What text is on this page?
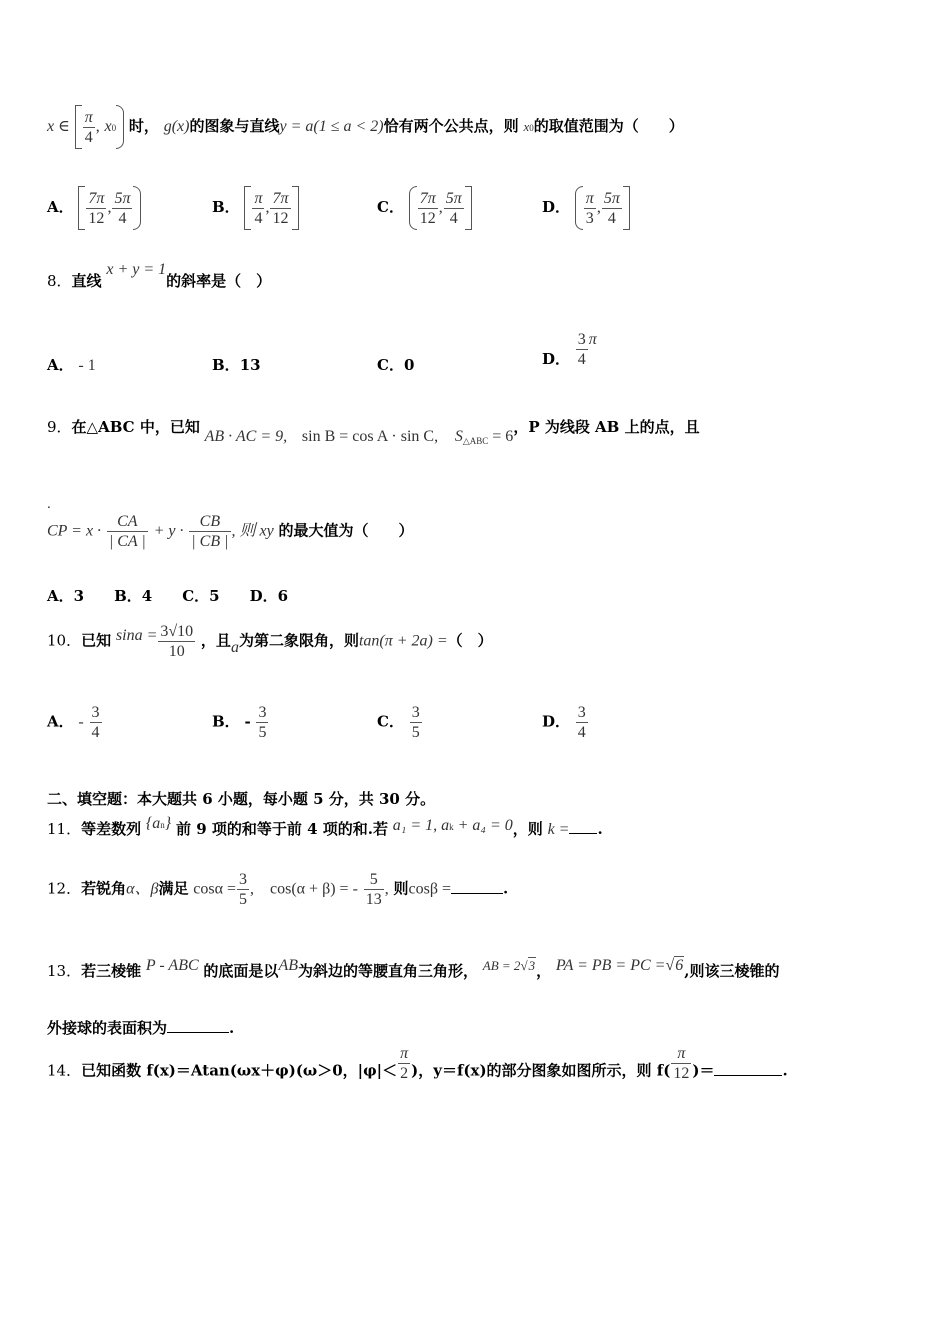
x ∈ $\frac{\pi}{4}$ , x0 时， g(x)的图象与直线y = a(1 ≤ a < 2)恰有两个公共点，则 x0的取值范围为（　　）
A． $\frac{7\pi}{12}$ , $\frac{5\pi}{4}$	B． $\frac{\pi}{4}$ , $\frac{7\pi}{12}$	C． $\frac{7\pi}{12}$ , $\frac{5\pi}{4}$	D． $\frac{\pi}{3}$ , $\frac{5\pi}{4}$
8．直线 x + y = 1的斜率是（　）
A． - 1	B．13	C．0	D． $\frac{3}{4}$ π
9．在△ABC 中，已知 AB · AC = 9, sin B = cos A · sin C, $S_{\triangle ABC} = 6$，P 为线段 AB 上的点，且
.
CP = $x \cdot \frac{CA}{| CA |} + y \cdot \frac{CB}{| CB |}$ , 则 xy 的最大值为（　　）
A．3　　B．4　　C．5　　D．6
10．已知 $\sin a = \frac{3√10}{10}$ ，且a为第二象限角，则tan(π + 2a) =（　）
A． - $\frac{3}{4}$	B． - $\frac{3}{5}$	C． $\frac{3}{5}$	D． $\frac{3}{4}$
二、填空题：本大题共 6 小题，每小题 5 分，共 30 分。
11．等差数列 {an} 前 9 项的和等于前 4 项的和.若 a₁ = 1, ak + a₄ = 0，则 k = .
12．若锐角α、β满足 $\cos\alpha = \frac{3}{5}$ ,　cos(α + β) = - $\frac{5}{13}$ , 则cosβ =	.
13．若三棱锥 P - ABC 的底面是以AB为斜边的等腰直角三角形， AB = 2√3， PA = PB = PC =√6,则该三棱锥的
外接球的表面积为	.
14．已知函数 f(x)＝Atan(ωx＋φ)(ω＞0，$|\varphi|< \frac{\pi}{2}$ )，y＝f(x)的部分图象如图所示，则 $f( \frac{\pi}{12}$ )＝	.
